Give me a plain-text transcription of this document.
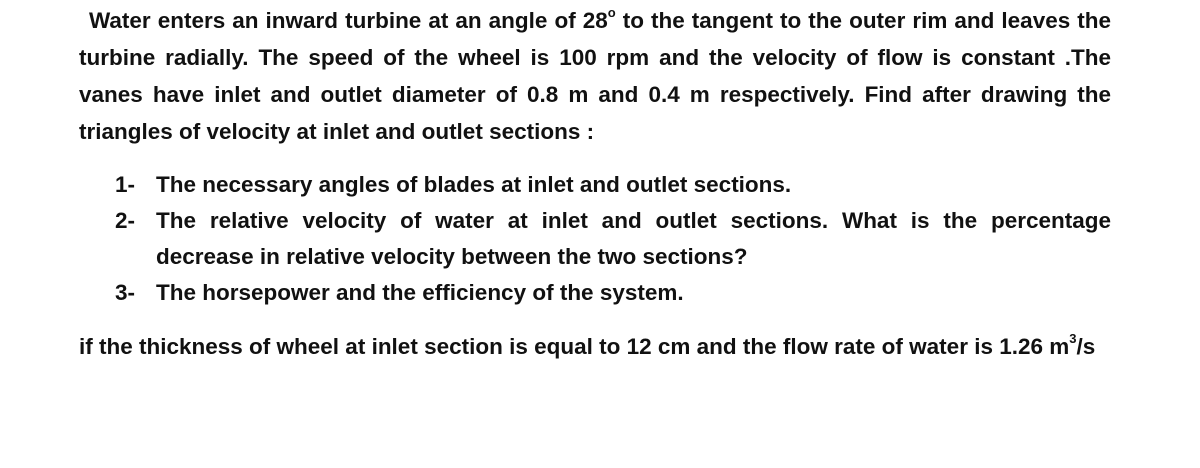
Water enters an inward turbine at an angle of 28$^o$ to the tangent to the outer rim and leaves the turbine radially. The speed of the wheel is 100 rpm and the velocity of flow is constant .The vanes have inlet and outlet diameter of 0.8 m and 0.4 m respectively. Find after drawing the triangles of velocity at inlet and outlet sections :

1- The necessary angles of blades at inlet and outlet sections.
2- The relative velocity of water at inlet and outlet sections. What is the percentage decrease in relative velocity between the two sections?
3- The horsepower and the efficiency of the system.

if the thickness of wheel at inlet section is equal to 12 cm and the flow rate of water is 1.26 $m^3/s$
